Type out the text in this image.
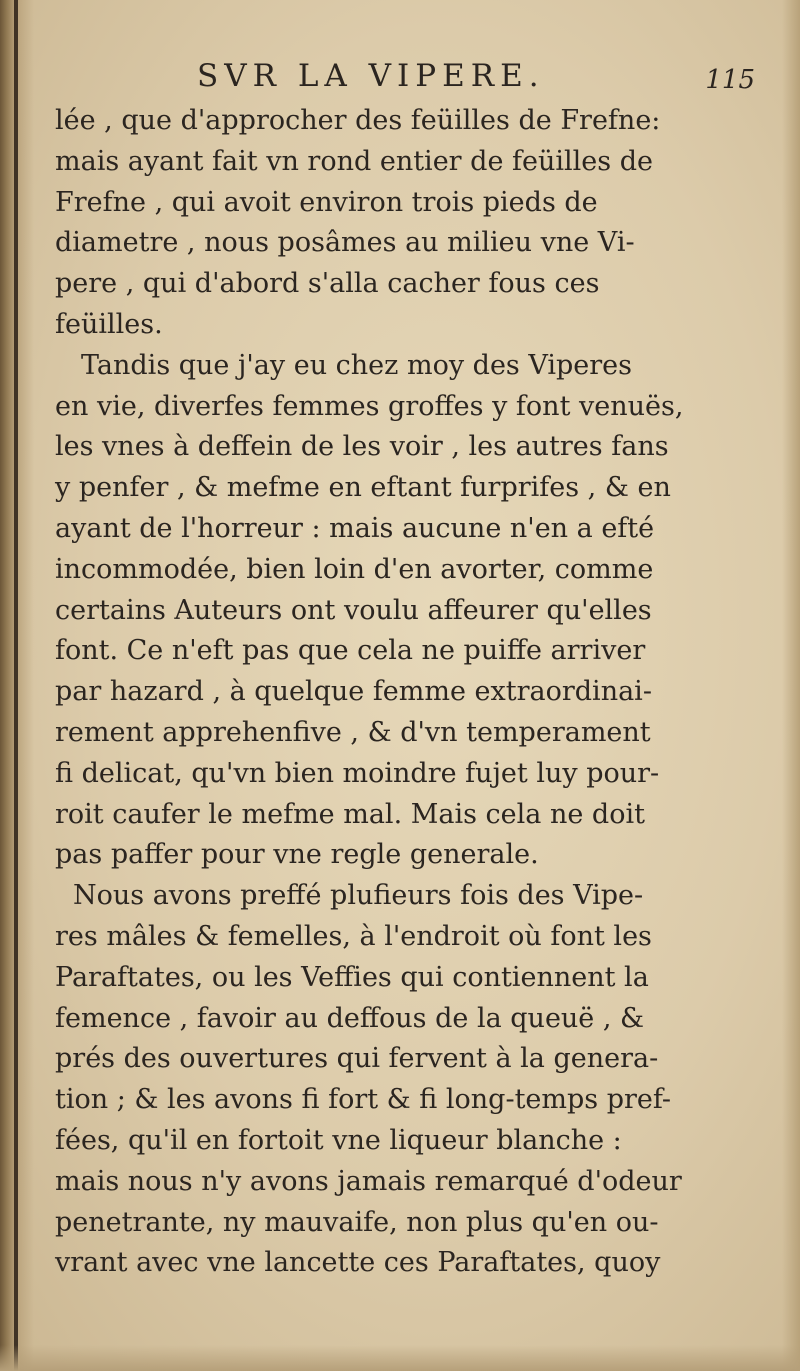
SVR LA VIPERE.	115
lée , que d'approcher des feüilles de Frefne:
mais ayant fait vn rond entier de feüilles de
Frefne , qui avoit environ trois pieds de
diametre , nous posâmes au milieu vne Vi-
pere , qui d'abord s'alla cacher fous ces
feüilles.
Tandis que j'ay eu chez moy des Viperes
en vie, diverfes femmes groffes y font venuës,
les vnes à deffein de les voir , les autres fans
y penfer , & mefme en eftant furprifes , & en
ayant de l'horreur : mais aucune n'en a efté
incommodée, bien loin d'en avorter, comme
certains Auteurs ont voulu affeurer qu'elles
font. Ce n'eft pas que cela ne puiffe arriver
par hazard , à quelque femme extraordinai-
rement apprehenfive , & d'vn temperament
fi delicat, qu'vn bien moindre fujet luy pour-
roit caufer le mefme mal. Mais cela ne doit
pas paffer pour vne regle generale.
Nous avons preffé plufieurs fois des Vipe-
res mâles & femelles, à l'endroit où font les
Paraftates, ou les Veffies qui contiennent la
femence , favoir au deffous de la queuë , &
prés des ouvertures qui fervent à la genera-
tion ; & les avons fi fort & fi long-temps pref-
fées, qu'il en fortoit vne liqueur blanche :
mais nous n'y avons jamais remarqué d'odeur
penetrante, ny mauvaife, non plus qu'en ou-
vrant avec vne lancette ces Paraftates, quoy
